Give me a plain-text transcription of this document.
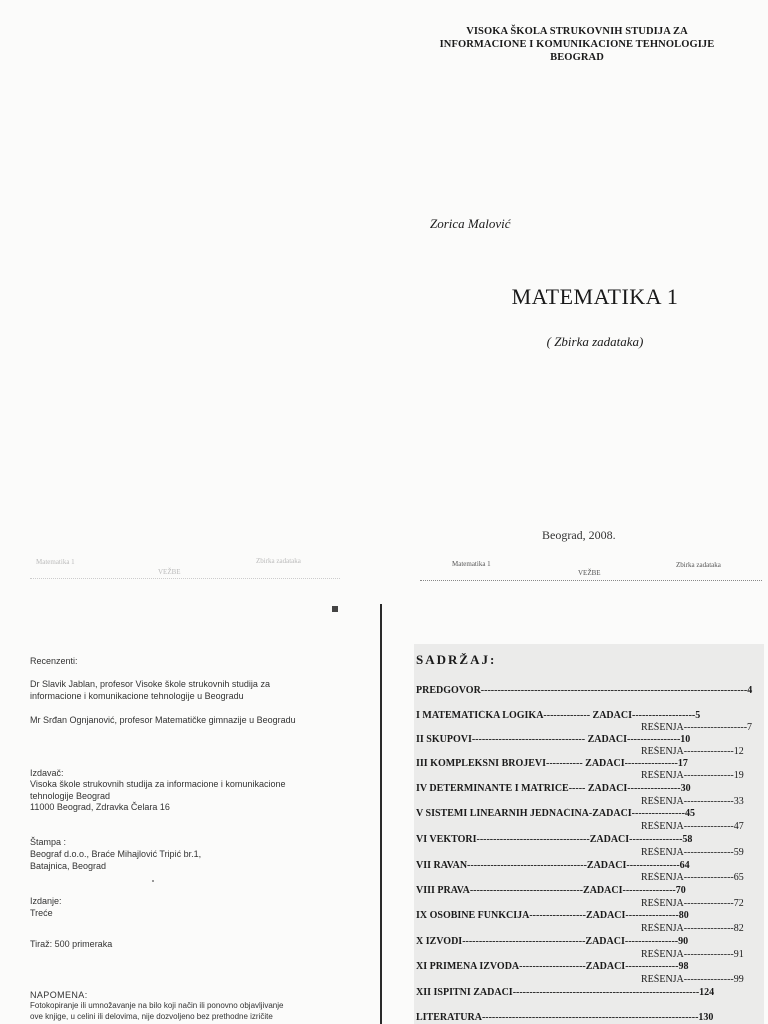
VISOKA ŠKOLA STRUKOVNIH STUDIJA ZA
INFORMACIONE I KOMUNIKACIONE TEHNOLOGIJE
BEOGRAD
Zorica Malović
MATEMATIKA 1
( Zbirka zadataka)
Beograd, 2008.
Matematika 1	Zbirka zadataka
VEŽBE
Matematika 1	Zbirka zadataka
VEŽBE
Recenzenti:
Dr Slavik Jablan, profesor Visoke škole strukovnih studija za
informacione i komunikacione tehnologije u Beogradu
Mr Srđan Ognjanović, profesor Matematičke gimnazije u Beogradu
Izdavač:
Visoka škole strukovnih studija za informacione i komunikacione
tehnologije Beograd
11000 Beograd, Zdravka Čelara 16
Štampa :
Beograf d.o.o., Braće Mihajlović Tripić br.1,
Batajnica, Beograd
Izdanje:
Treće
Tiraž: 500 primeraka
NAPOMENA:
Fotokopiranje ili umnožavanje na bilo koji način ili ponovno objavljivanje
ove knjige, u celini ili delovima, nije dozvoljeno bez prethodne izričite
SADRŽAJ:
PREDGOVOR--------------------------------------------------------------------------------4
I MATEMATIČKA LOGIKA-------------- ZADACI-------------------5
REŠENJA-------------------7
II SKUPOVI---------------------------------- ZADACI----------------10
REŠENJA---------------12
III KOMPLEKSNI BROJEVI----------- ZADACI----------------17
REŠENJA---------------19
IV DETERMINANTE I MATRICE----- ZADACI----------------30
REŠENJA---------------33
V SISTEMI LINEARNIH JEDNAČINA-ZADACI----------------45
REŠENJA---------------47
VI VEKTORI----------------------------------ZADACI----------------58
REŠENJA---------------59
VII RAVAN------------------------------------ZADACI----------------64
REŠENJA---------------65
VIII PRAVA----------------------------------ZADACI----------------70
REŠENJA---------------72
IX OSOBINE FUNKCIJA-----------------ZADACI----------------80
REŠENJA---------------82
X IZVODI-------------------------------------ZADACI----------------90
REŠENJA---------------91
XI PRIMENA IZVODA--------------------ZADACI----------------98
REŠENJA---------------99
XII ISPITNI ZADACI--------------------------------------------------------124
LITERATURA-----------------------------------------------------------------130
